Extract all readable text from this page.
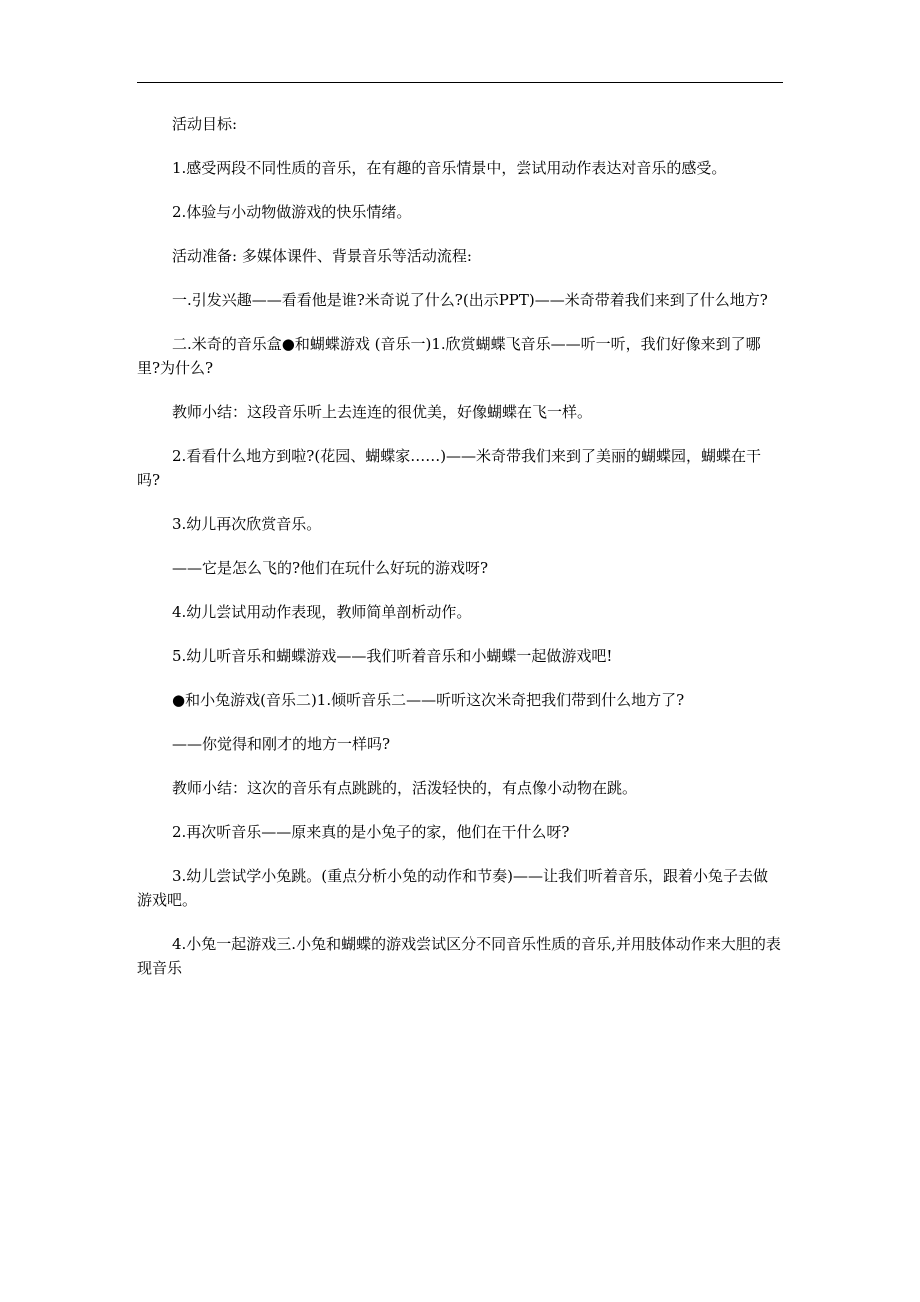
活动目标:

1.感受两段不同性质的音乐，在有趣的音乐情景中，尝试用动作表达对音乐的感受。

2.体验与小动物做游戏的快乐情绪。

活动准备: 多媒体课件、背景音乐等活动流程:

一.引发兴趣——看看他是谁?米奇说了什么?(出示PPT)——米奇带着我们来到了什么地方?

二.米奇的音乐盒●和蝴蝶游戏 (音乐一)1.欣赏蝴蝶飞音乐——听一听，我们好像来到了哪里?为什么?

教师小结：这段音乐听上去连连的很优美，好像蝴蝶在飞一样。

2.看看什么地方到啦?(花园、蝴蝶家……)——米奇带我们来到了美丽的蝴蝶园，蝴蝶在干吗?

3.幼儿再次欣赏音乐。

——它是怎么飞的?他们在玩什么好玩的游戏呀?

4.幼儿尝试用动作表现，教师简单剖析动作。

5.幼儿听音乐和蝴蝶游戏——我们听着音乐和小蝴蝶一起做游戏吧!

●和小兔游戏(音乐二)1.倾听音乐二——听听这次米奇把我们带到什么地方了?

——你觉得和刚才的地方一样吗?

教师小结：这次的音乐有点跳跳的，活泼轻快的，有点像小动物在跳。

2.再次听音乐——原来真的是小兔子的家，他们在干什么呀?

3.幼儿尝试学小兔跳。(重点分析小兔的动作和节奏)——让我们听着音乐，跟着小兔子去做游戏吧。

4.小兔一起游戏三.小兔和蝴蝶的游戏尝试区分不同音乐性质的音乐,并用肢体动作来大胆的表现音乐
